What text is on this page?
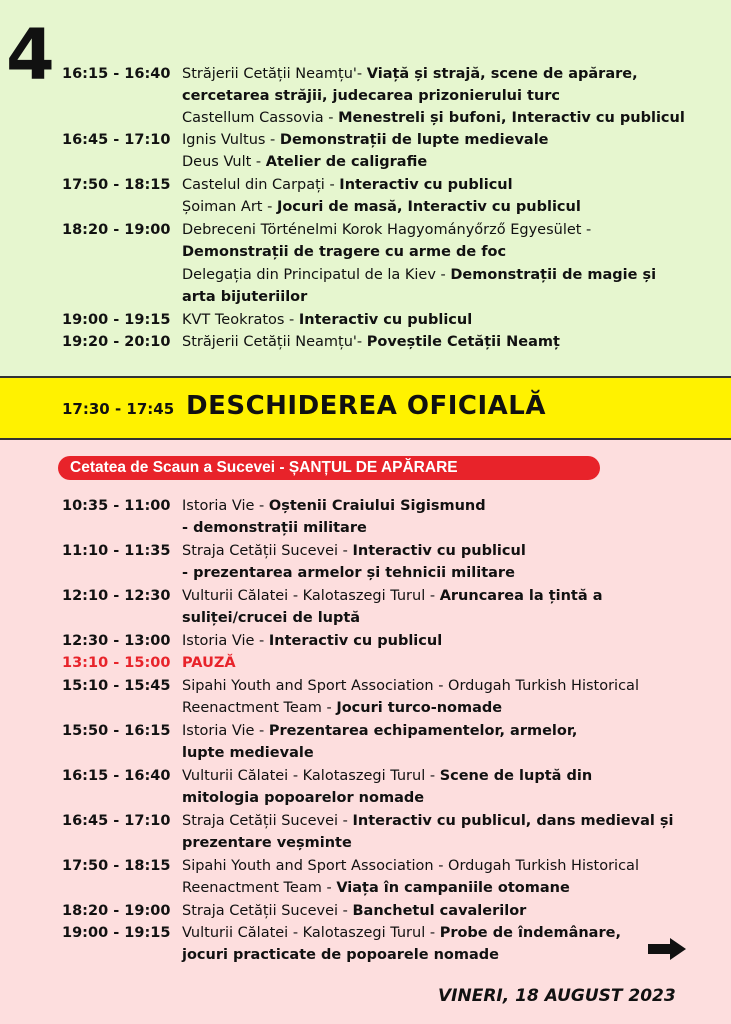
4
17:30 - 17:45 DESCHIDEREA OFICIALĂ
Cetatea de Scaun a Sucevei - ȘANȚUL DE APĂRARE
16:15 - 16:40 Străjerii Cetății Neamțu'- Viață și strajă, scene de apărare,
cercetarea străjii, judecarea prizonierului turc
Castellum Cassovia - Menestreli și bufoni, Interactiv cu publicul
16:45 - 17:10 Ignis Vultus - Demonstrații de lupte medievale
Deus Vult - Atelier de caligrafie
17:50 - 18:15 Castelul din Carpați - Interactiv cu publicul
Șoiman Art - Jocuri de masă, Interactiv cu publicul
18:20 - 19:00 Debreceni Történelmi Korok Hagyományőrző Egyesület -
Demonstrații de tragere cu arme de foc
Delegația din Principatul de la Kiev - Demonstrații de magie și
arta bijuteriilor
19:00 - 19:15 KVT Teokratos - Interactiv cu publicul
19:20 - 20:10 Străjerii Cetății Neamțu'- Poveștile Cetății Neamț
10:35 - 11:00 Istoria Vie - Oștenii Craiului Sigismund
- demonstrații militare
11:10 - 11:35 Straja Cetății Sucevei - Interactiv cu publicul
- prezentarea armelor și tehnicii militare
12:10 - 12:30 Vulturii Călatei - Kalotaszegi Turul - Aruncarea la țintă a
suliței/crucei de luptă
12:30 - 13:00 Istoria Vie - Interactiv cu publicul
13:10 - 15:00 PAUZĂ
15:10 - 15:45 Sipahi Youth and Sport Association - Ordugah Turkish Historical
Reenactment Team - Jocuri turco-nomade
15:50 - 16:15 Istoria Vie - Prezentarea echipamentelor, armelor,
lupte medievale
16:15 - 16:40 Vulturii Călatei - Kalotaszegi Turul - Scene de luptă din
mitologia popoarelor nomade
16:45 - 17:10 Straja Cetății Sucevei - Interactiv cu publicul, dans medieval și
prezentare veșminte
17:50 - 18:15 Sipahi Youth and Sport Association - Ordugah Turkish Historical
Reenactment Team - Viața în campaniile otomane
18:20 - 19:00 Straja Cetății Sucevei - Banchetul cavalerilor
19:00 - 19:15 Vulturii Călatei - Kalotaszegi Turul - Probe de îndemânare,
jocuri practicate de popoarele nomade
VINERI, 18 AUGUST 2023
